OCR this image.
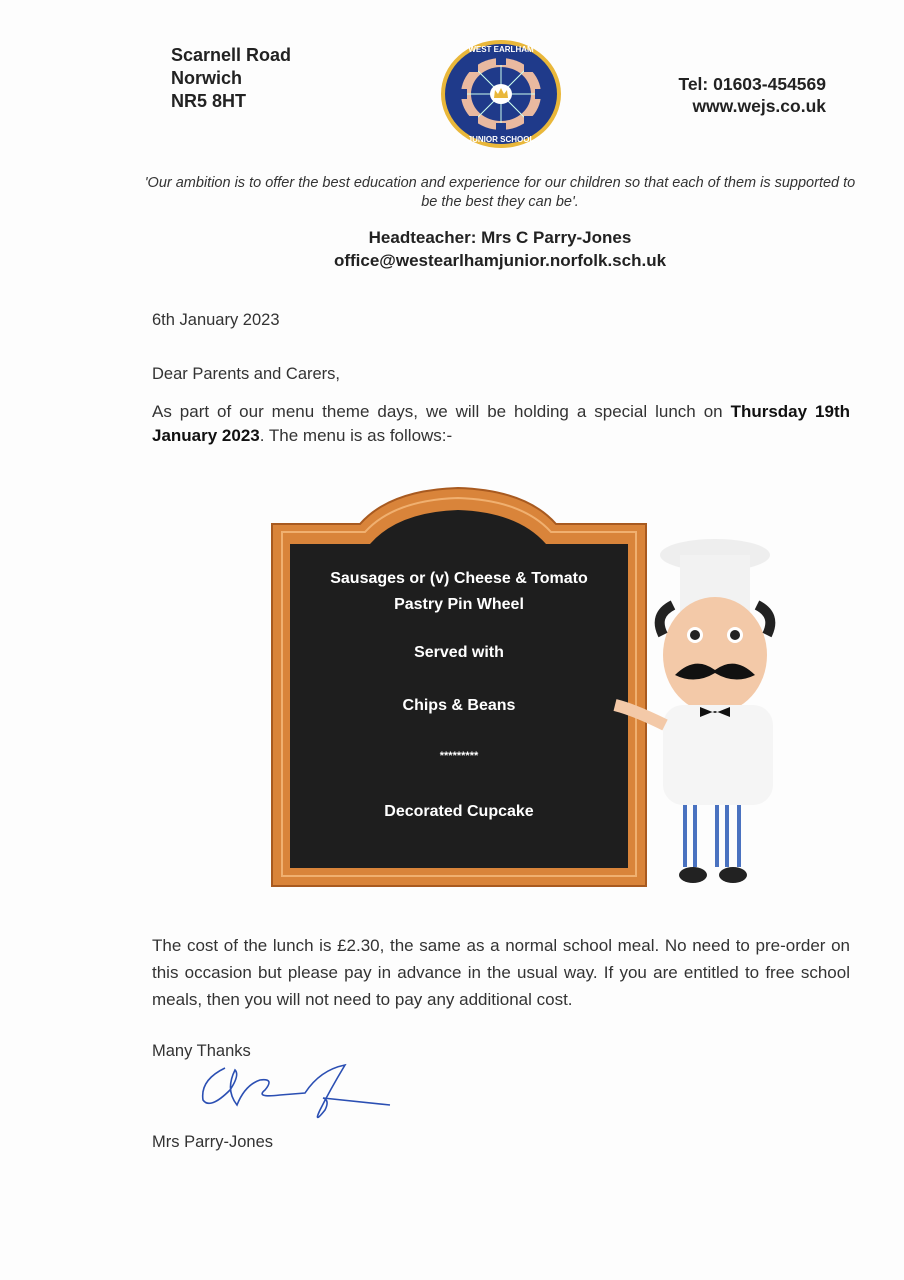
Scarnell Road
Norwich
NR5 8HT
WEST EARLHAM
JUNIOR SCHOOL
Tel: 01603-454569
www.wejs.co.uk
'Our ambition is to offer the best education and experience for our children so that each of them is supported to be the best they can be'.
Headteacher: Mrs C Parry-Jones
office@westearlhamjunior.norfolk.sch.uk
6th January 2023
Dear Parents and Carers,
As part of our menu theme days, we will be holding a special lunch on Thursday 19th January 2023. The menu is as follows:-
Sausages or (v) Cheese & Tomato
Pastry Pin Wheel
Served with
Chips & Beans
*********
Decorated Cupcake
The cost of the lunch is £2.30, the same as a normal school meal. No need to pre-order on this occasion but please pay in advance in the usual way. If you are entitled to free school meals, then you will not need to pay any additional cost.
Many Thanks
Mrs Parry-Jones
